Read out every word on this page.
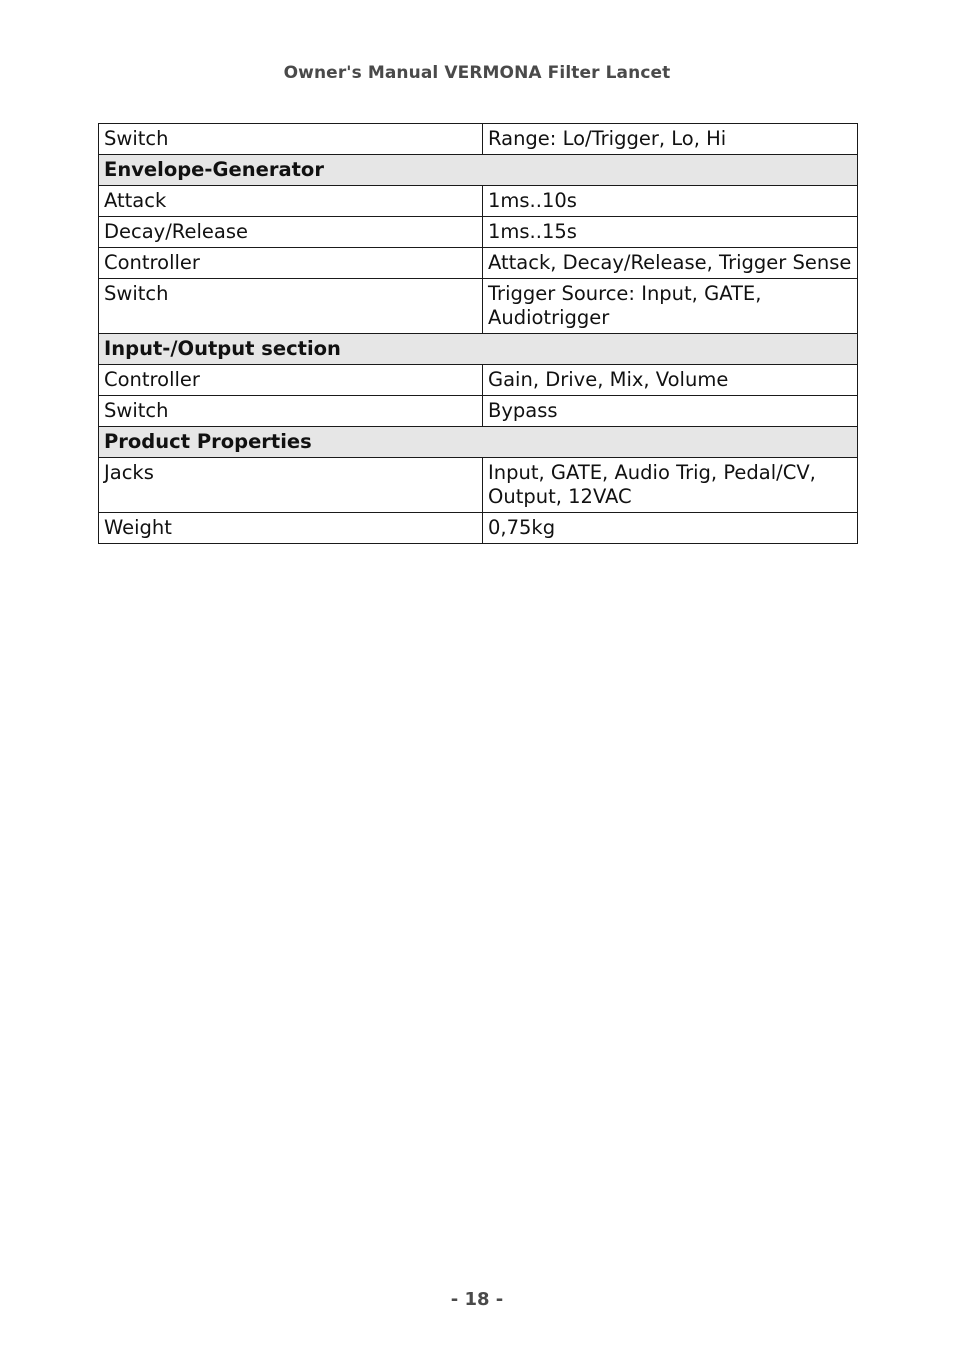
Owner's Manual VERMONA Filter Lancet
Switch	Range: Lo/Trigger, Lo, Hi
Envelope-Generator	
Attack	1ms..10s
Decay/Release	1ms..15s
Controller	Attack, Decay/Release, Trigger Sense
Switch	Trigger Source: Input, GATE, Audiotrigger
Input-/Output section	
Controller	Gain, Drive, Mix, Volume
Switch	Bypass
Product Properties	
Jacks	Input, GATE, Audio Trig, Pedal/CV, Output, 12VAC
Weight	0,75kg
- 18 -
